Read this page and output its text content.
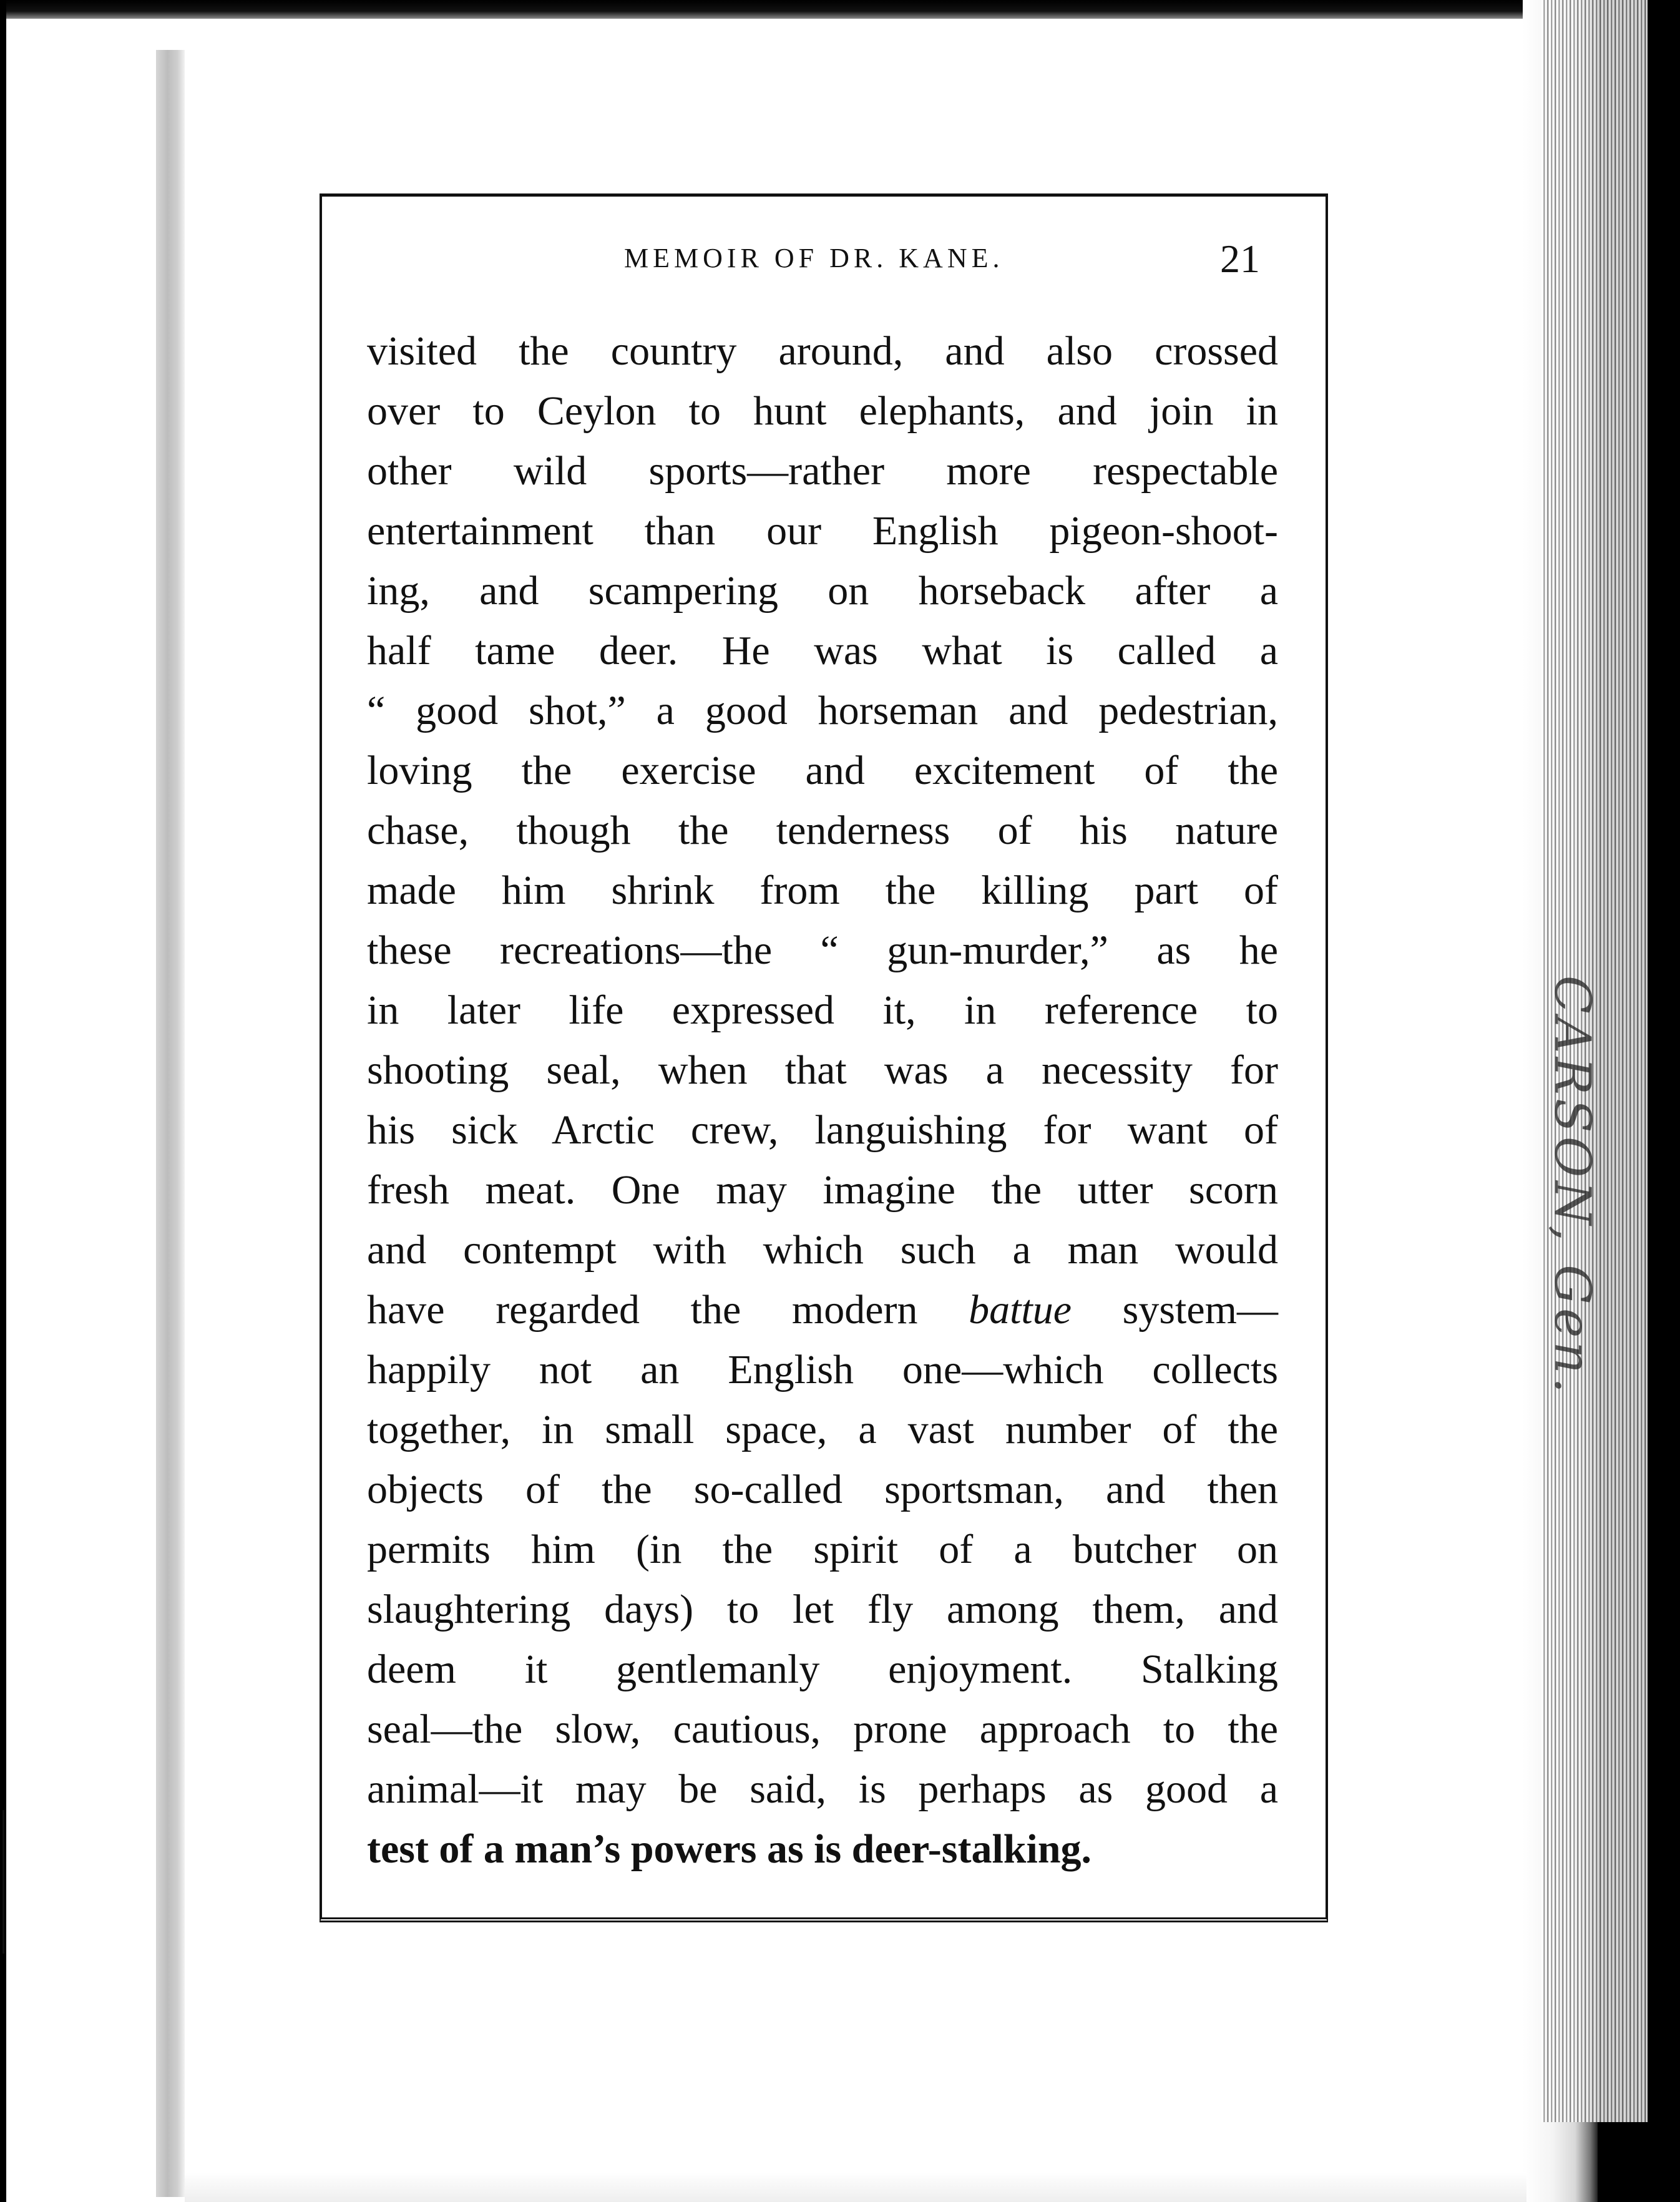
CARSON, Gen.
MEMOIR OF DR. KANE.	21
visited the country around, and also crossed
over to Ceylon to hunt elephants, and join in
other wild sports—rather more respectable
entertainment than our English pigeon-shoot-
ing, and scampering on horseback after a
half tame deer. He was what is called a
“ good shot,” a good horseman and pedestrian,
loving the exercise and excitement of the
chase, though the tenderness of his nature
made him shrink from the killing part of
these recreations—the “ gun-murder,” as he
in later life expressed it, in reference to
shooting seal, when that was a necessity for
his sick Arctic crew, languishing for want of
fresh meat. One may imagine the utter scorn
and contempt with which such a man would
have regarded the modern battue system—
happily not an English one—which collects
together, in small space, a vast number of the
objects of the so-called sportsman, and then
permits him (in the spirit of a butcher on
slaughtering days) to let fly among them, and
deem it gentlemanly enjoyment. Stalking
seal—the slow, cautious, prone approach to the
animal—it may be said, is perhaps as good a
test of a man’s powers as is deer-stalking.
